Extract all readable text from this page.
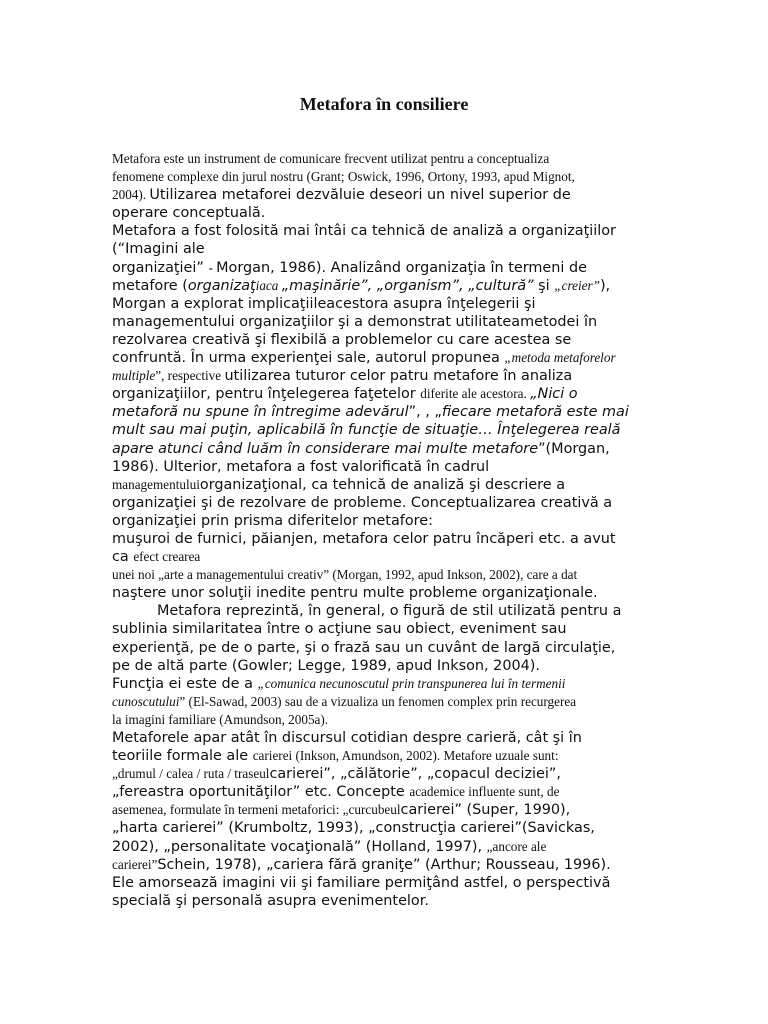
Metafora în consiliere
Metafora este un instrument de comunicare frecvent utilizat pentru a conceptualiza
fenomene complexe din jurul nostru (Grant; Oswick, 1996, Ortony, 1993, apud Mignot,
2004). Utilizarea metaforei dezvăluie deseori un nivel superior de
operare conceptuală.
Metafora a fost folosită mai întâi ca tehnică de analiză a organizaţiilor
(“Imagini ale
organizaţiei” - Morgan, 1986). Analizând organizaţia în termeni de
metafore (organizaţiaca „maşinărie”, „organism”, „cultură” şi „creier”),
Morgan a explorat implicaţiileacestora asupra înţelegerii şi
managementului organizaţiilor şi a demonstrat utilitateametodei în
rezolvarea creativă şi flexibilă a problemelor cu care acestea se
confruntă. În urma experienţei sale, autorul propunea „metoda metaforelor
multiple”, respective utilizarea tuturor celor patru metafore în analiza
organizaţiilor, pentru înţelegerea faţetelor diferite ale acestora. „Nici o
metaforă nu spune în întregime adevărul”, , „fiecare metaforă este mai
mult sau mai puţin, aplicabilă în funcţie de situaţie… Înţelegerea reală
apare atunci când luăm în considerare mai multe metafore”(Morgan,
1986). Ulterior, metafora a fost valorificată în cadrul
managementuluiorganizaţional, ca tehnică de analiză şi descriere a
organizaţiei şi de rezolvare de probleme. Conceptualizarea creativă a
organizaţiei prin prisma diferitelor metafore:
muşuroi de furnici, păianjen, metafora celor patru încăperi etc. a avut
ca efect crearea
unei noi „arte a managementului creativ” (Morgan, 1992, apud Inkson, 2002), care a dat
naştere unor soluţii inedite pentru multe probleme organizaţionale.
Metafora reprezintă, în general, o figură de stil utilizată pentru a
sublinia similaritatea între o acţiune sau obiect, eveniment sau
experienţă, pe de o parte, şi o frază sau un cuvânt de largă circulaţie,
pe de altă parte (Gowler; Legge, 1989, apud Inkson, 2004).
Funcţia ei este de a „comunica necunoscutul prin transpunerea lui în termenii
cunoscutului” (El-Sawad, 2003) sau de a vizualiza un fenomen complex prin recurgerea
la imagini familiare (Amundson, 2005a).
Metaforele apar atât în discursul cotidian despre carieră, cât şi în
teoriile formale ale carierei (Inkson, Amundson, 2002). Metafore uzuale sunt:
„drumul / calea / ruta / traseulcarierei”, „călătorie”, „copacul deciziei”,
„fereastra oportunităţilor” etc. Concepte academice influente sunt, de
asemenea, formulate în termeni metaforici: „curcubeulcarierei” (Super, 1990),
„harta carierei” (Krumboltz, 1993), „construcţia carierei”(Savickas,
2002), „personalitate vocaţională” (Holland, 1997), „ancore ale
carierei”Schein, 1978), „cariera fără graniţe” (Arthur; Rousseau, 1996).
Ele amorsează imagini vii şi familiare permiţând astfel, o perspectivă
specială şi personală asupra evenimentelor.
